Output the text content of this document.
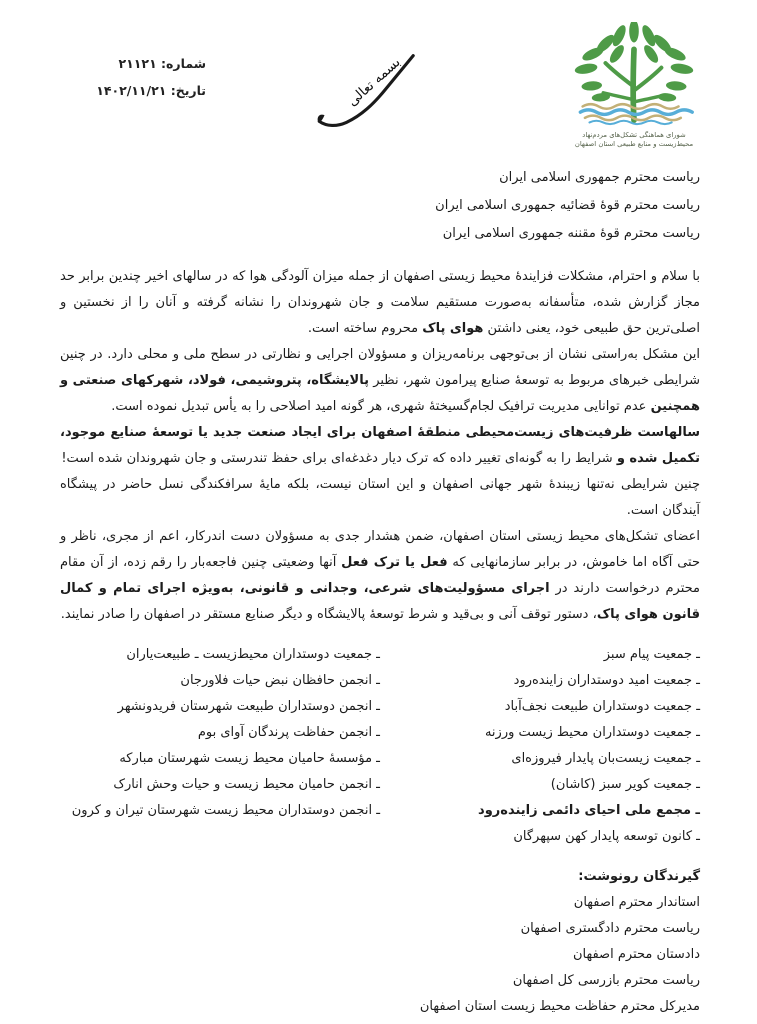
شماره: ۲۱۱۲۱
تاریخ: ۱۴۰۲/۱۱/۲۱	بسمه تعالی
شورای هماهنگی تشکل‌های مردم‌نهاد
محیط‌زیست و منابع طبیعی استان اصفهان
ریاست محترم جمهوری اسلامی ایران
ریاست محترم قوهٔ قضائیه جمهوری اسلامی ایران
ریاست محترم قوهٔ مقننه جمهوری اسلامی ایران

با سلام و احترام، مشکلات فزایندهٔ محیط زیستی اصفهان از جمله میزان آلودگی هوا که در سالهای اخیر چندین برابر حد مجاز گزارش شده، متأسفانه به‌صورت مستقیم سلامت و جان شهروندان را نشانه گرفته و آنان را از نخستین و اصلی‌ترین حق طبیعی خود، یعنی داشتن هوای پاک محروم ساخته است.

این مشکل به‌راستی نشان از بی‌توجهی برنامه‌ریزان و مسؤولان اجرایی و نظارتی در سطح ملی و محلی دارد. در چنین شرایطی خبرهای مربوط به توسعهٔ صنایع پیرامون شهر، نظیر پالایشگاه، پتروشیمی، فولاد، شهرکهای صنعتی و همچنین عدم توانایی مدیریت ترافیک لجام‌گسیختهٔ شهری، هر گونه امید اصلاحی را به یأس تبدیل نموده است.

سالهاست ظرفیت‌های زیست‌محیطی منطقهٔ اصفهان برای ایجاد صنعت جدید یا توسعهٔ صنایع موجود، تکمیل شده و شرایط را به گونه‌ای تغییر داده که ترک دیار دغدغه‌ای برای حفظ تندرستی و جان شهروندان شده است!

چنین شرایطی نه‌تنها زیبندهٔ شهر جهانی اصفهان و این استان نیست، بلکه مایهٔ سرافکندگی نسل حاضر در پیشگاه آیندگان است.

اعضای تشکل‌های محیط زیستی استان اصفهان، ضمن هشدار جدی به مسؤولان دست اندرکار، اعم از مجری، ناظر و حتی آگاه اما خاموش، در برابر سازمانهایی که فعل یا ترک فعل آنها وضعیتی چنین فاجعه‌بار را رقم زده، از آن مقام محترم درخواست دارند در اجرای مسؤولیت‌های شرعی، وجدانی و قانونی، به‌ویژه اجرای تمام و کمال قانون هوای پاک، دستور توقف آنی و بی‌قید و شرط توسعهٔ پالایشگاه و دیگر صنایع مستقر در اصفهان را صادر نمایند.

ـ جمعیت پیام سبز
ـ جمعیت امید دوستداران زاینده‌رود
ـ جمعیت دوستداران طبیعت نجف‌آباد
ـ جمعیت دوستداران محیط زیست ورزنه
ـ جمعیت زیست‌بان پایدار فیروزه‌ای
ـ جمعیت کویر سبز (کاشان)
ـ مجمع ملی احیای دائمی زاینده‌رود
ـ کانون توسعه پایدار کهن سپهرگان
ـ جمعیت دوستداران محیط‌زیست ـ طبیعت‌یاران
ـ انجمن حافظان نبض حیات فلاورجان
ـ انجمن دوستداران طبیعت شهرستان فریدونشهر
ـ انجمن حفاظت پرندگان آوای بوم
ـ مؤسسهٔ حامیان محیط زیست شهرستان مبارکه
ـ انجمن حامیان محیط زیست و حیات وحش انارک
ـ انجمن دوستداران محیط زیست شهرستان تیران و کرون
گیرندگان رونوشت:
استاندار محترم اصفهان
ریاست محترم دادگستری اصفهان
دادستان محترم اصفهان
ریاست محترم بازرسی کل اصفهان
مدیرکل محترم حفاظت محیط زیست استان اصفهان
